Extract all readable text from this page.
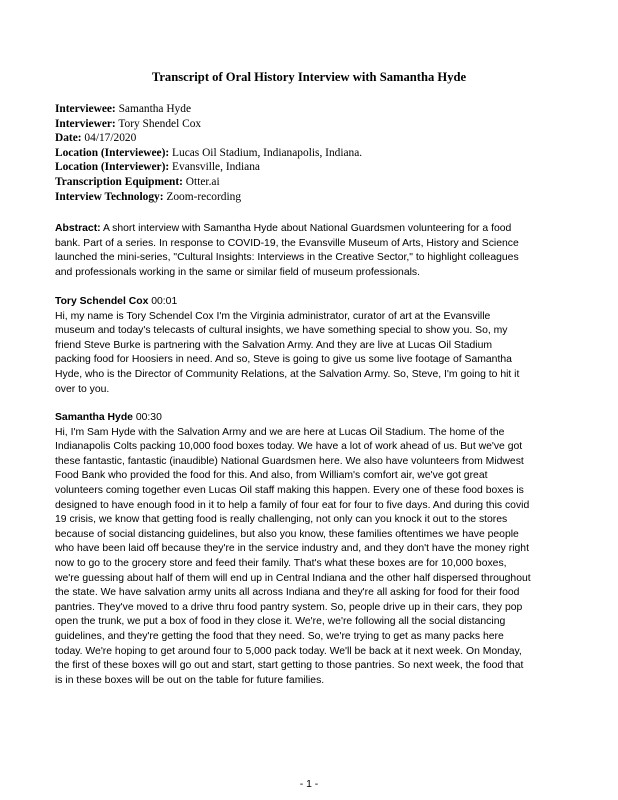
Transcript of Oral History Interview with Samantha Hyde
Interviewee: Samantha Hyde
Interviewer: Tory Shendel Cox
Date: 04/17/2020
Location (Interviewee): Lucas Oil Stadium, Indianapolis, Indiana.
Location (Interviewer): Evansville, Indiana
Transcription Equipment: Otter.ai
Interview Technology: Zoom-recording
Abstract: A short interview with Samantha Hyde about National Guardsmen volunteering for a food
bank. Part of a series. In response to COVID-19, the Evansville Museum of Arts, History and Science
launched the mini-series, "Cultural Insights: Interviews in the Creative Sector," to highlight colleagues
and professionals working in the same or similar field of museum professionals.
Tory Schendel Cox 00:01
Hi, my name is Tory Schendel Cox I'm the Virginia administrator, curator of art at the Evansville
museum and today's telecasts of cultural insights, we have something special to show you. So, my
friend Steve Burke is partnering with the Salvation Army. And they are live at Lucas Oil Stadium
packing food for Hoosiers in need. And so, Steve is going to give us some live footage of Samantha
Hyde, who is the Director of Community Relations, at the Salvation Army. So, Steve, I'm going to hit it
over to you.
Samantha Hyde 00:30
Hi, I'm Sam Hyde with the Salvation Army and we are here at Lucas Oil Stadium. The home of the
Indianapolis Colts packing 10,000 food boxes today. We have a lot of work ahead of us. But we've got
these fantastic, fantastic (inaudible) National Guardsmen here. We also have volunteers from Midwest
Food Bank who provided the food for this. And also, from William's comfort air, we've got great
volunteers coming together even Lucas Oil staff making this happen. Every one of these food boxes is
designed to have enough food in it to help a family of four eat for four to five days. And during this covid
19 crisis, we know that getting food is really challenging, not only can you knock it out to the stores
because of social distancing guidelines, but also you know, these families oftentimes we have people
who have been laid off because they're in the service industry and, and they don't have the money right
now to go to the grocery store and feed their family. That's what these boxes are for 10,000 boxes,
we're guessing about half of them will end up in Central Indiana and the other half dispersed throughout
the state. We have salvation army units all across Indiana and they're all asking for food for their food
pantries. They've moved to a drive thru food pantry system. So, people drive up in their cars, they pop
open the trunk, we put a box of food in they close it. We're, we're following all the social distancing
guidelines, and they're getting the food that they need. So, we're trying to get as many packs here
today. We're hoping to get around four to 5,000 pack today. We'll be back at it next week. On Monday,
the first of these boxes will go out and start, start getting to those pantries. So next week, the food that
is in these boxes will be out on the table for future families.
- 1 -
